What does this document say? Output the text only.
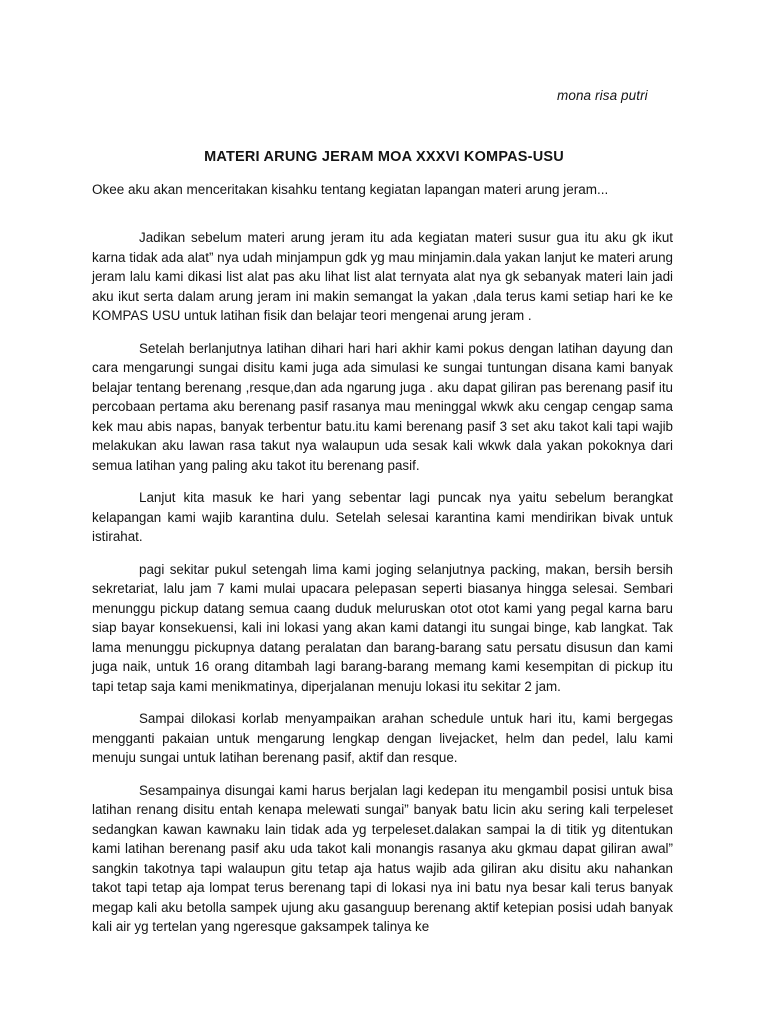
mona risa putri
MATERI ARUNG JERAM MOA XXXVI KOMPAS-USU
Okee aku akan menceritakan kisahku tentang kegiatan lapangan materi arung jeram...

Jadikan sebelum materi arung jeram itu ada kegiatan materi susur gua itu aku gk ikut karna tidak ada alat” nya udah minjampun gdk yg mau minjamin.dala yakan lanjut ke materi arung jeram lalu kami dikasi list alat pas aku lihat list alat ternyata alat nya gk sebanyak materi lain jadi aku ikut serta dalam arung jeram ini makin semangat la yakan ,dala terus kami setiap hari ke ke KOMPAS USU untuk latihan fisik dan belajar teori mengenai arung jeram .

Setelah berlanjutnya latihan dihari hari hari akhir kami pokus dengan latihan dayung dan cara mengarungi sungai disitu kami juga ada simulasi ke sungai tuntungan disana kami banyak belajar tentang berenang ,resque,dan ada ngarung juga . aku dapat giliran pas berenang pasif itu percobaan pertama aku berenang pasif rasanya mau meninggal wkwk aku cengap cengap sama kek mau abis napas, banyak terbentur batu.itu kami berenang pasif 3 set aku takot kali tapi wajib melakukan aku lawan rasa takut nya walaupun uda sesak kali wkwk dala yakan pokoknya dari semua latihan yang paling aku takot itu berenang pasif.

Lanjut kita masuk ke hari yang sebentar lagi puncak nya yaitu sebelum berangkat kelapangan kami wajib karantina dulu. Setelah selesai karantina kami mendirikan bivak untuk istirahat.

pagi sekitar pukul setengah lima kami joging selanjutnya packing, makan, bersih bersih sekretariat, lalu jam 7 kami mulai upacara pelepasan seperti biasanya hingga selesai. Sembari menunggu pickup datang semua caang duduk meluruskan otot otot kami yang pegal karna baru siap bayar konsekuensi, kali ini lokasi yang akan kami datangi itu sungai binge, kab langkat. Tak lama menunggu pickupnya datang peralatan dan barang-barang satu persatu disusun dan kami juga naik, untuk 16 orang ditambah lagi barang-barang memang kami kesempitan di pickup itu tapi tetap saja kami menikmatinya, diperjalanan menuju lokasi itu sekitar 2 jam.

Sampai dilokasi korlab menyampaikan arahan schedule untuk hari itu, kami bergegas mengganti pakaian untuk mengarung lengkap dengan livejacket, helm dan pedel, lalu kami menuju sungai untuk latihan berenang pasif, aktif dan resque.

Sesampainya disungai kami harus berjalan lagi kedepan itu mengambil posisi untuk bisa latihan renang disitu entah kenapa melewati sungai” banyak batu licin aku sering kali terpeleset sedangkan kawan kawnaku lain tidak ada yg terpeleset.dalakan sampai la di titik yg ditentukan kami latihan berenang pasif aku uda takot kali monangis rasanya aku gkmau dapat giliran awal” sangkin takotnya tapi walaupun gitu tetap aja hatus wajib ada giliran aku disitu aku nahankan takot tapi tetap aja lompat terus berenang tapi di lokasi nya ini batu nya besar kali terus banyak megap kali aku betolla sampek ujung aku gasanguup berenang aktif ketepian posisi udah banyak kali air yg tertelan yang ngeresque gaksampek talinya ke
